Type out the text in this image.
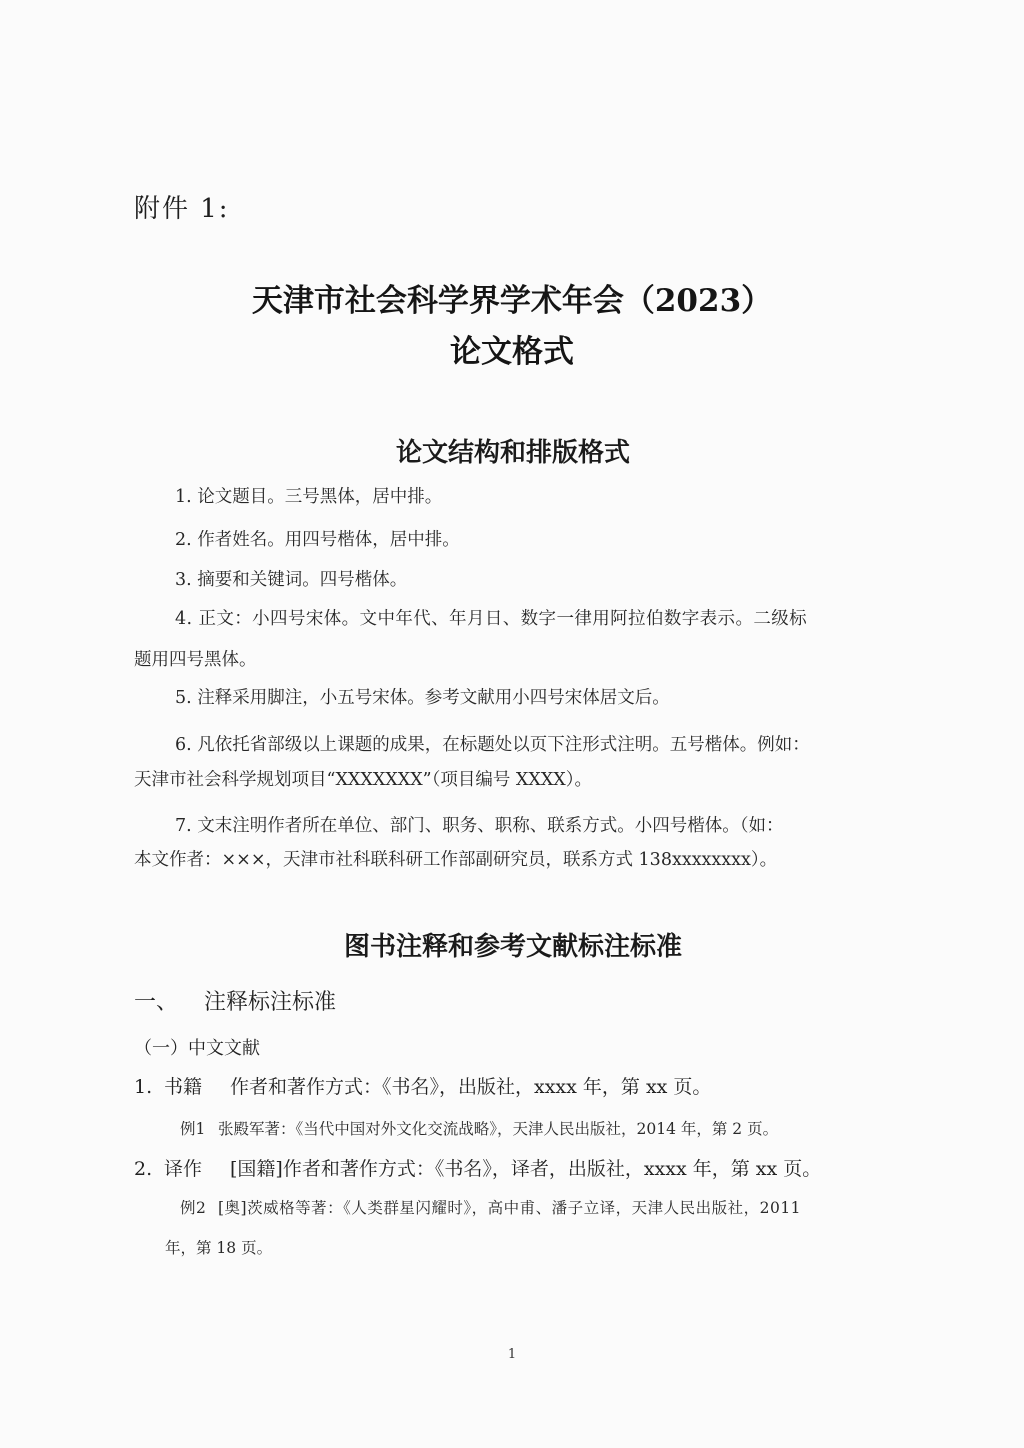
附件 1:
天津市社会科学界学术年会（2023）
论文格式
论文结构和排版格式
1. 论文题目。三号黑体，居中排。
2. 作者姓名。用四号楷体，居中排。
3. 摘要和关键词。四号楷体。
4. 正文：小四号宋体。文中年代、年月日、数字一律用阿拉伯数字表示。二级标
题用四号黑体。
5. 注释采用脚注，小五号宋体。参考文献用小四号宋体居文后。
6. 凡依托省部级以上课题的成果，在标题处以页下注形式注明。五号楷体。例如：
天津市社会科学规划项目“XXXXXXX”（项目编号 XXXX）。
7. 文末注明作者所在单位、部门、职务、职称、联系方式。小四号楷体。（如：
本文作者：×××，天津市社科联科研工作部副研究员，联系方式 138xxxxxxxx）。
图书注释和参考文献标注标准
一、 注释标注标准
（一）中文文献
1. 书籍 作者和著作方式：《书名》，出版社，xxxx 年，第 xx 页。
例1 张殿军著：《当代中国对外文化交流战略》，天津人民出版社，2014 年，第 2 页。
2. 译作 [国籍]作者和著作方式：《书名》，译者，出版社，xxxx 年，第 xx 页。
例2 [奥]茨威格等著：《人类群星闪耀时》，高中甫、潘子立译，天津人民出版社，2011
年，第 18 页。
1
